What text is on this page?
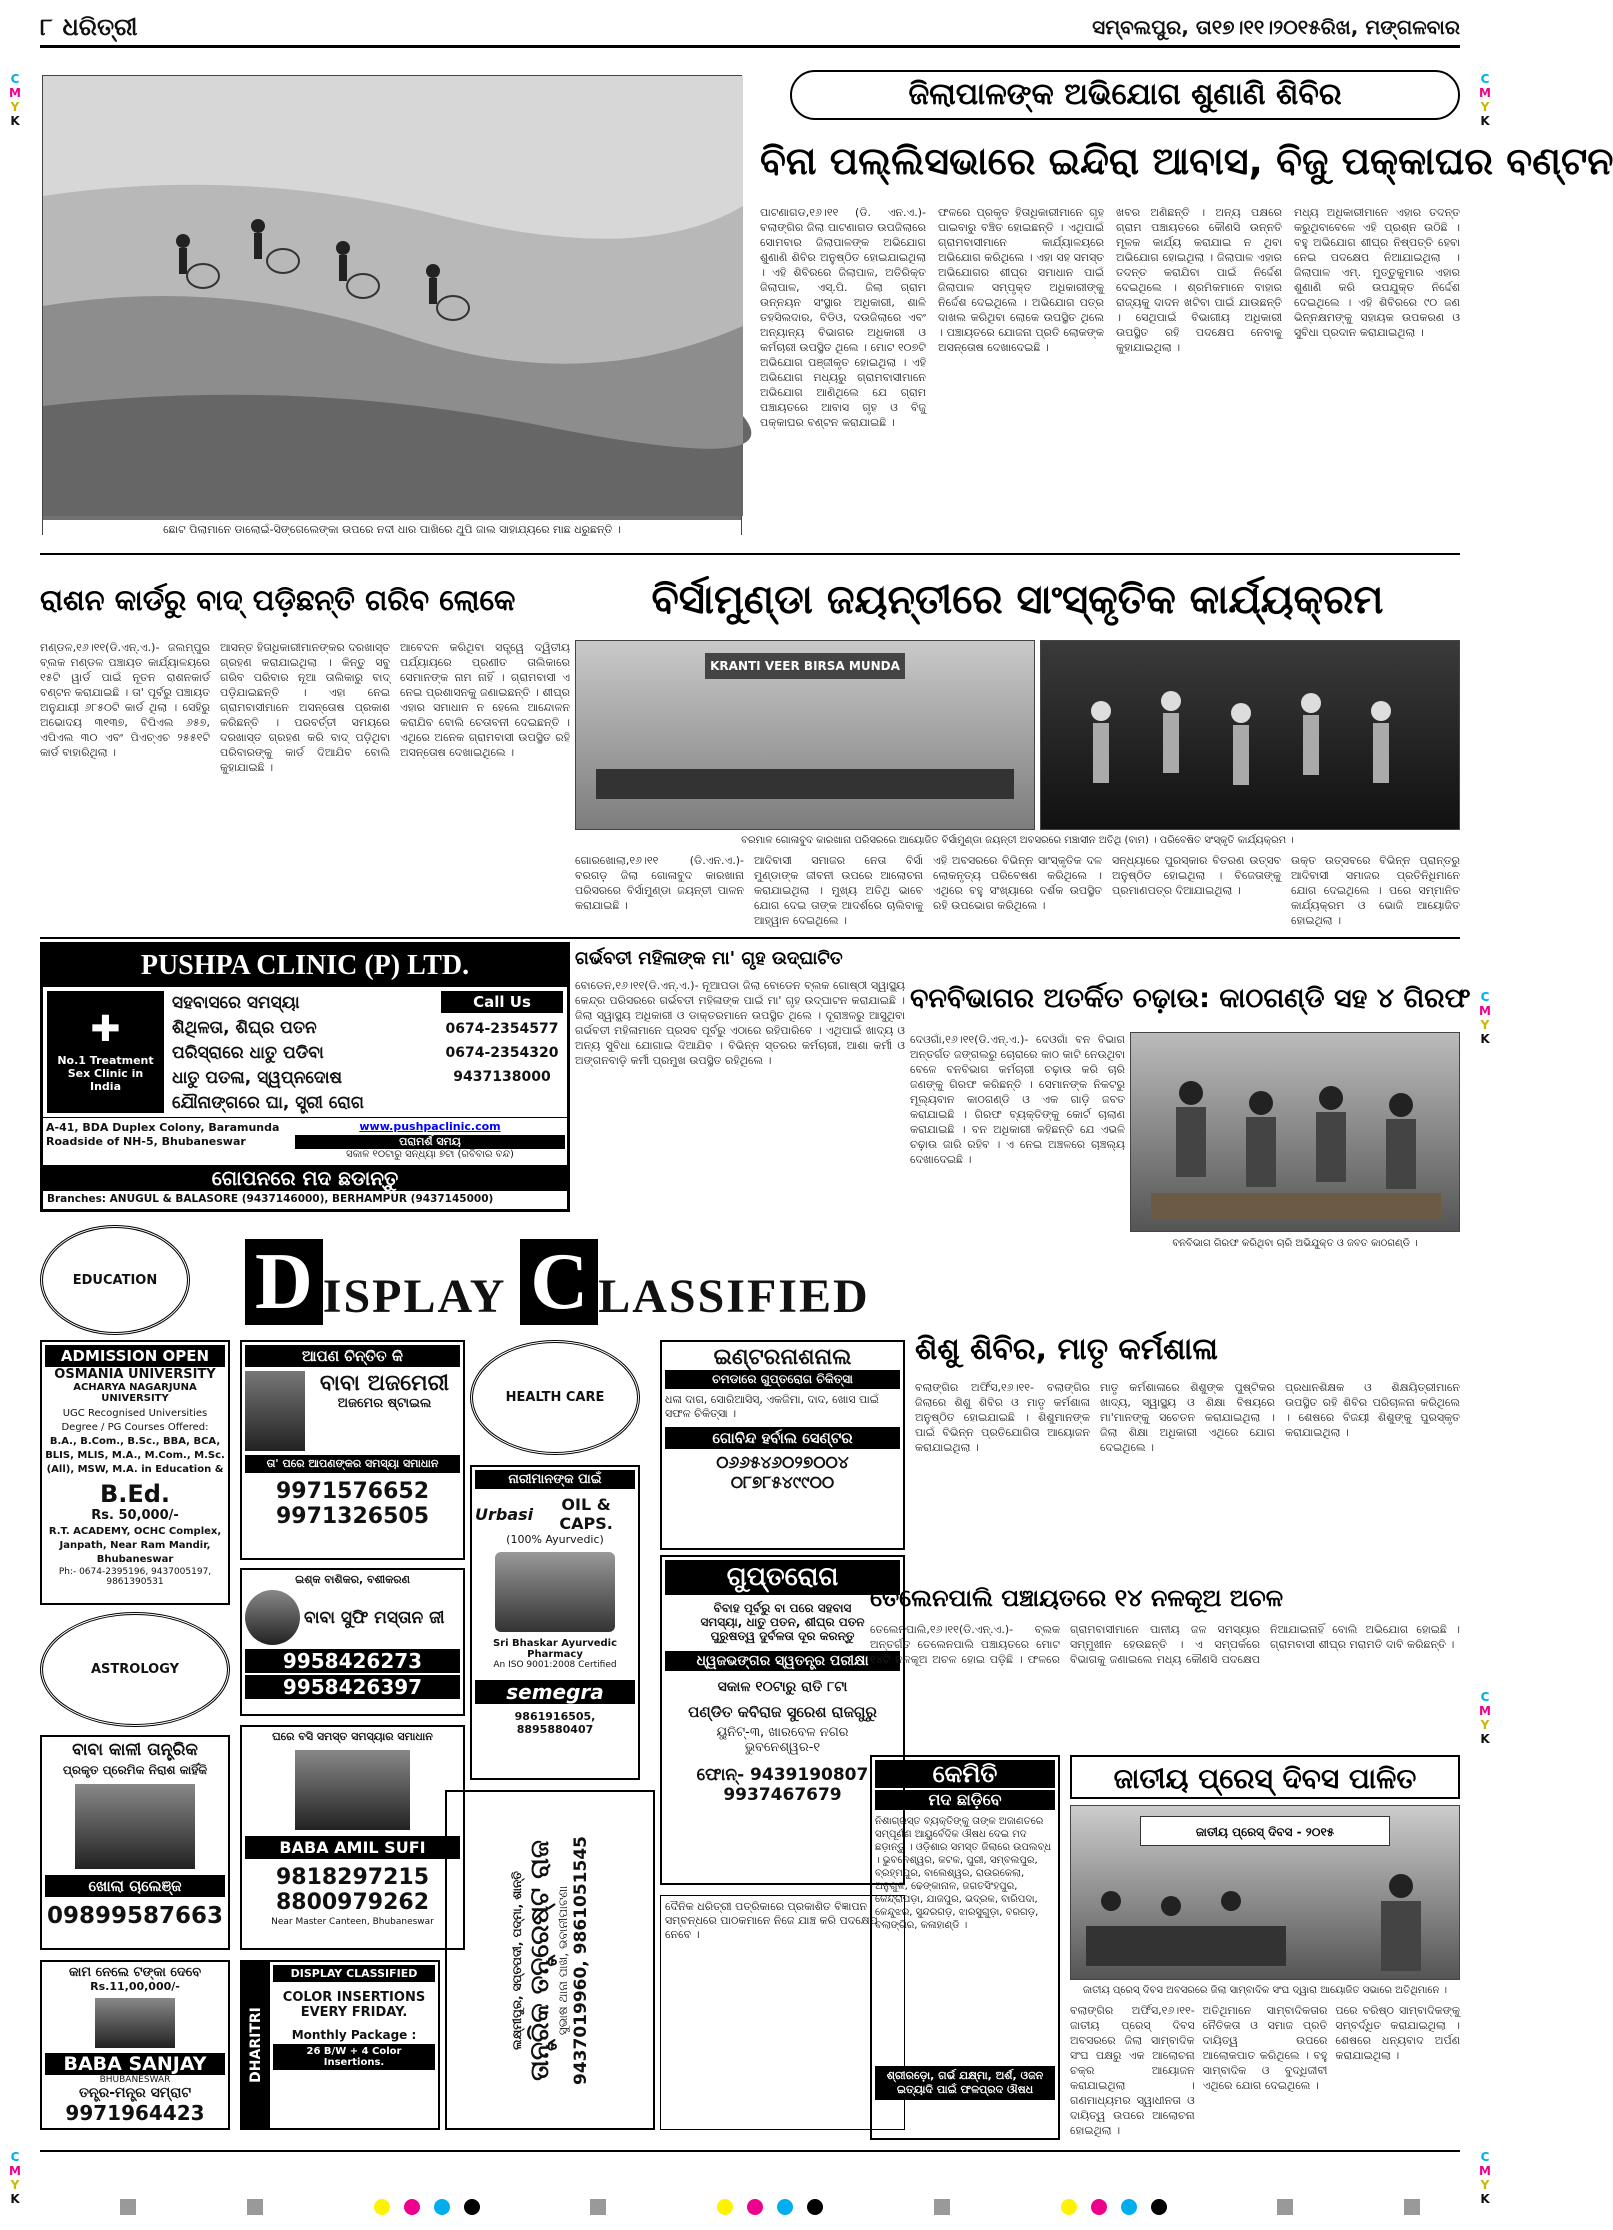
୮ ଧରିତ୍ରୀ	ସମ୍ବଲପୁର, ତା୧୭।୧୧।୨୦୧୫ରିଖ, ମଙ୍ଗଳବାର
C
M
Y
K
C
M
Y
K
C
M
Y
K
C
M
Y
K
C
M
Y
K
C
M
Y
K
ଛୋଟ ପିଲାମାନେ ଡାଲୋଇଁ-ସିଙ୍ଗେଲେଙ୍କା ଉପରେ ନଦୀ ଧାର ପାଖିରେ ଥୁପି ଜାଲ ସାହାଯ୍ୟରେ ମାଛ ଧରୁଛନ୍ତି ।
ଜିଲାପାଳଙ୍କ ଅଭିଯୋଗ ଶୁଣାଣି ଶିବିର
ବିନା ପଲ୍ଲିସଭାରେ ଇନ୍ଦିରା ଆବାସ, ବିଜୁ ପକ୍କାଘର ବଣ୍ଟନ
ପାଟଣାଗଡ,୧୬।୧୧ (ଡି. ଏନ.ଏ.)- ବଲାଙ୍ଗିର ଜିଲା ପାଟଣାଗଡ ଉପଜିଲାରେ ସୋମବାର ଜିଲାପାଳଙ୍କ ଅଭିଯୋଗ ଶୁଣାଣି ଶିବିର ଅନୁଷ୍ଠିତ ହୋଇଯାଇଥିଲା । ଏହି ଶିବିରରେ ଜିଲାପାଳ, ଅତିରିକ୍ତ ଜିଲାପାଳ, ଏସ୍.ପି. ଜିଲା ଗ୍ରାମ ଉନ୍ନୟନ ସଂସ୍ଥାର ଅଧିକାରୀ, ଶାଳି ତହସିଲଦାର, ବିଡିଓ, ଦଉଜିଲାରେ ଏବଂ ଅନ୍ୟାନ୍ୟ ବିଭାଗର ଅଧିକାରୀ ଓ କର୍ମଚାରୀ ଉପସ୍ଥିତ ଥିଲେ । ମୋଟ ୧୦୭ଟି ଅଭିଯୋଗ ପଞ୍ଜୀକୃତ ହୋଇଥିଲା । ଏହି ଅଭିଯୋଗ ମଧ୍ୟରୁ ଗ୍ରାମବାସୀମାନେ ଅଭିଯୋଗ ଆଣିଥିଲେ ଯେ ଗ୍ରାମ ପଞ୍ଚାୟତରେ ଆବାସ ଗୃହ ଓ ବିଜୁ ପକ୍କାଘର ବଣ୍ଟନ କରାଯାଇଛି ।
ଫଳରେ ପ୍ରକୃତ ହିତାଧିକାରୀମାନେ ଗୃହ ପାଇବାରୁ ବଞ୍ଚିତ ହୋଇଛନ୍ତି । ଏଥିପାଇଁ ଗ୍ରାମବାସୀମାନେ କାର୍ଯ୍ୟାଳୟରେ ଅଭିଯୋଗ କରିଥିଲେ । ଏହା ସହ ସମସ୍ତ ଅଭିଯୋଗର ଶୀଘ୍ର ସମାଧାନ ପାଇଁ ଜିଲାପାଳ ସମ୍ପୃକ୍ତ ଅଧିକାରୀଙ୍କୁ ନିର୍ଦ୍ଦେଶ ଦେଇଥିଲେ । ଅଭିଯୋଗ ପତ୍ର ଦାଖଲ କରିଥିବା ଲୋକେ ଉପସ୍ଥିତ ଥିଲେ । ପଞ୍ଚାୟତରେ ଯୋଜନା ପ୍ରତି ଲୋକଙ୍କ ଅସନ୍ତୋଷ ଦେଖାଦେଇଛି ।
ଖବର ଅଣିଛନ୍ତି । ଅନ୍ୟ ପକ୍ଷରେ ଗ୍ରାମ ପଞ୍ଚାୟତରେ କୌଣସି ଉନ୍ନତି ମୂଳକ କାର୍ଯ୍ୟ କରାଯାଇ ନ ଥିବା ଅଭିଯୋଗ ହୋଇଥିଲା । ଜିଲାପାଳ ଏହାର ତଦନ୍ତ କରାଯିବା ପାଇଁ ନିର୍ଦ୍ଦେଶ ଦେଇଥିଲେ । ଶ୍ରମିକମାନେ ବାହାର ରାଜ୍ୟକୁ ଦାଦନ ଖଟିବା ପାଇଁ ଯାଉଛନ୍ତି । ସେଥିପାଇଁ ବିଭାଗୀୟ ଅଧିକାରୀ ଉପସ୍ଥିତ ରହି ପଦକ୍ଷେପ ନେବାକୁ କୁହାଯାଇଥିଲା ।
ମଧ୍ୟ ଅଧିକାରୀମାନେ ଏହାର ତଦନ୍ତ କରୁଥିବାବେଳେ ଏହି ପ୍ରଶ୍ନ ଉଠିଛି । ବହୁ ଅଭିଯୋଗ ଶୀଘ୍ର ନିଷ୍ପତ୍ତି ହେବା ନେଇ ପଦକ୍ଷେପ ନିଆଯାଇଥିଲା । ଜିଲାପାଳ ଏମ୍. ମୁତ୍ତୁକୁମାର ଏହାର ଶୁଣାଣି କରି ଉପଯୁକ୍ତ ନିର୍ଦ୍ଦେଶ ଦେଇଥିଲେ । ଏହି ଶିବିରରେ ୯୦ ଜଣ ଭିନ୍ନକ୍ଷମଙ୍କୁ ସହାୟକ ଉପକରଣ ଓ ସୁବିଧା ପ୍ରଦାନ କରାଯାଇଥିଲା ।
ରାଶନ କାର୍ଡରୁ ବାଦ୍ ପଡ଼ିଛନ୍ତି ଗରିବ ଲୋକେ
ମଣ୍ଡଳ,୧୬।୧୧(ଡି.ଏନ୍.ଏ.)- ଜଲମ୍ପୁର ବ୍ଲକ ମଣ୍ଡଳ ପଞ୍ଚାୟତ କାର୍ଯ୍ୟାଳୟରେ ୧୫ଟି ୱାର୍ଡ ପାଇଁ ନୂତନ ରାଶନକାର୍ଡ ବଣ୍ଟନ କରାଯାଇଛି । ତା' ପୂର୍ବରୁ ପଞ୍ଚାୟତ ଅନୁଯାୟୀ ୬୮୫୦ଟି କାର୍ଡ ଥିଲା । ସେହିରୁ ଅଭୋଦୟ ୩୧୩୭, ବିପିଏଲ ୬୫୭, ଏପିଏଲ ୩୦ ଏବଂ ପିଏଚ୍ଏଚ ୨୫୫୧ଟି କାର୍ଡ ବାହାରିଥିଲା ।
ଆସନ୍ତ ହିତାଧିକାରୀମାନଙ୍କର ଦରଖାସ୍ତ ଗ୍ରହଣ କରାଯାଇଥିଲା । କିନ୍ତୁ ସବୁ ଗରିବ ପରିବାର ନୂଆ ତାଲିକାରୁ ବାଦ୍ ପଡ଼ିଯାଇଛନ୍ତି । ଏହା ନେଇ ଗ୍ରାମବାସୀମାନେ ଅସନ୍ତୋଷ ପ୍ରକାଶ କରିଛନ୍ତି । ପରବର୍ତ୍ତୀ ସମୟରେ ଦରଖାସ୍ତ ଗ୍ରହଣ କରି ବାଦ୍ ପଡ଼ିଥିବା ପରିବାରଙ୍କୁ କାର୍ଡ ଦିଆଯିବ ବୋଲି କୁହାଯାଇଛି ।
ଆବେଦନ କରିଥିବା ସତ୍ତ୍ୱେ ଦ୍ୱିତୀୟ ପର୍ଯ୍ୟାୟରେ ପ୍ରଣୀତ ତାଲିକାରେ ସେମାନଙ୍କ ନାମ ନାହିଁ । ଗ୍ରାମବାସୀ ଏ ନେଇ ପ୍ରଶାସନକୁ ଜଣାଇଛନ୍ତି । ଶୀଘ୍ର ଏହାର ସମାଧାନ ନ ହେଲେ ଆନ୍ଦୋଳନ କରାଯିବ ବୋଲି ଚେତାବନୀ ଦେଇଛନ୍ତି । ଏଥିରେ ଅନେକ ଗ୍ରାମବାସୀ ଉପସ୍ଥିତ ରହି ଅସନ୍ତୋଷ ଦେଖାଇଥିଲେ ।
ବିର୍ସାମୁଣ୍ଡା ଜୟନ୍ତୀରେ ସାଂସ୍କୃତିକ କାର୍ଯ୍ୟକ୍ରମ
KRANTI VEER BIRSA MUNDA
ବରମାଳ ଗୋଳାବୁଦ କାରଖାନା ପରିସରରେ ଆୟୋଜିତ ବିର୍ସାମୁଣ୍ଡା ଜୟନ୍ତୀ ଅବସରରେ ମଞ୍ଚାସୀନ ଅତିଥି (ବାମ) । ପରିବେଷିତ ସଂସ୍କୃତି କାର୍ଯ୍ୟକ୍ରମ ।
ଗୋରଖୋଲା,୧୬।୧୧ (ଡି.ଏନ.ଏ.)- ବରଗଡ଼ ଜିଲା ଗୋଳାବୁଦ କାରଖାନା ପରିସରରେ ବିର୍ସାମୁଣ୍ଡା ଜୟନ୍ତୀ ପାଳନ କରାଯାଇଛି ।
ଆଦିବାସୀ ସମାଜର ନେତା ବିର୍ସା ମୁଣ୍ଡାଙ୍କ ଜୀବନୀ ଉପରେ ଆଲୋଚନା କରାଯାଇଥିଲା । ମୁଖ୍ୟ ଅତିଥି ଭାବେ ଯୋଗ ଦେଇ ତାଙ୍କ ଆଦର୍ଶରେ ଚାଲିବାକୁ ଆହ୍ୱାନ ଦେଇଥିଲେ ।
ଏହି ଅବସରରେ ବିଭିନ୍ନ ସାଂସ୍କୃତିକ ଦଳ ଲୋକନୃତ୍ୟ ପରିବେଷଣ କରିଥିଲେ । ଏଥିରେ ବହୁ ସଂଖ୍ୟାରେ ଦର୍ଶକ ଉପସ୍ଥିତ ରହି ଉପଭୋଗ କରିଥିଲେ ।
ସନ୍ଧ୍ୟାରେ ପୁରସ୍କାର ବିତରଣ ଉତ୍ସବ ଅନୁଷ୍ଠିତ ହୋଇଥିଲା । ବିଜେତାଙ୍କୁ ପ୍ରମାଣପତ୍ର ଦିଆଯାଇଥିଲା ।
ଉକ୍ତ ଉତ୍ସବରେ ବିଭିନ୍ନ ପ୍ରାନ୍ତରୁ ଆଦିବାସୀ ସମାଜର ପ୍ରତିନିଧିମାନେ ଯୋଗ ଦେଇଥିଲେ । ପରେ ସମ୍ମାନିତ କାର୍ଯ୍ୟକ୍ରମ ଓ ଭୋଜି ଆୟୋଜିତ ହୋଇଥିଲା ।
PUSHPA CLINIC (P) LTD.
✚
No.1 Treatment Sex Clinic in India
ସହବାସରେ ସମସ୍ୟା
ଶିଥିଳତା, ଶିଘ୍ର ପତନ
ପରିସ୍ରାରେ ଧାତୁ ପଡିବା
ଧାତୁ ପତଳା, ସ୍ୱପ୍ନଦୋଷ
ଯୌନାଙ୍ଗରେ ଘା, ସ୍ତ୍ରୀ ରୋଗ
Call Us
0674-2354577
0674-2354320
9437138000
A-41, BDA Duplex Colony, Baramunda Roadside of NH-5, Bhubaneswar
www.pushpaclinic.com
ପରାମର୍ଶ ସମୟ
ସକାଳ ୧୦ଟାରୁ ସନ୍ଧ୍ୟା ୭ଟା (ରବିବାର ବନ୍ଦ)
ଗୋପନରେ ମଦ ଛଡାନ୍ତୁ
Branches: ANUGUL & BALASORE (9437146000), BERHAMPUR (9437145000)
ଗର୍ଭବତୀ ମହିଳାଙ୍କ ମା' ଗୃହ ଉଦ୍‌ଘାଟିତ
ବୋଡେନ,୧୬।୧୧(ଡି.ଏନ୍.ଏ.)- ନୂଆପଡା ଜିଲା ବୋଡେନ ବ୍ଲକ ଗୋଷ୍ଠୀ ସ୍ୱାସ୍ଥ୍ୟ କେନ୍ଦ୍ର ପରିସରରେ ଗର୍ଭବତୀ ମହିଳାଙ୍କ ପାଇଁ ମା' ଗୃହ ଉଦ୍‌ଘାଟନ କରାଯାଇଛି । ଜିଲା ସ୍ୱାସ୍ଥ୍ୟ ଅଧିକାରୀ ଓ ଡାକ୍ତରମାନେ ଉପସ୍ଥିତ ଥିଲେ । ଦୂରାଞ୍ଚଳରୁ ଆସୁଥିବା ଗର୍ଭବତୀ ମହିଳାମାନେ ପ୍ରସବ ପୂର୍ବରୁ ଏଠାରେ ରହିପାରିବେ । ଏଥିପାଇଁ ଖାଦ୍ୟ ଓ ଅନ୍ୟ ସୁବିଧା ଯୋଗାଇ ଦିଆଯିବ । ବିଭିନ୍ନ ସ୍ତରର କର୍ମଚାରୀ, ଆଶା କର୍ମୀ ଓ ଅଙ୍ଗନବାଡ଼ି କର୍ମୀ ପ୍ରମୁଖ ଉପସ୍ଥିତ ରହିଥିଲେ ।
ବନବିଭାଗର ଅତର୍କିତ ଚଢ଼ାଉ: କାଠଗଣ୍ଡି ସହ ୪ ଗିରଫ
ଦେଓଗାଁ,୧୬।୧୧(ଡି.ଏନ୍.ଏ.)- ଦେଓଗାଁ ବନ ବିଭାଗ ଅନ୍ତର୍ଗତ ଜଙ୍ଗଲରୁ ଚୋରାରେ କାଠ କାଟି ନେଉଥିବା ବେଳେ ବନବିଭାଗ କର୍ମଚାରୀ ଚଢ଼ାଉ କରି ଚାରି ଜଣଙ୍କୁ ଗିରଫ କରିଛନ୍ତି । ସେମାନଙ୍କ ନିକଟରୁ ମୂଲ୍ୟବାନ କାଠଗଣ୍ଡି ଓ ଏକ ଗାଡ଼ି ଜବତ କରାଯାଇଛି । ଗିରଫ ବ୍ୟକ୍ତିଙ୍କୁ କୋର୍ଟ ଚାଲାଣ କରାଯାଇଛି । ବନ ଅଧିକାରୀ କହିଛନ୍ତି ଯେ ଏଭଳି ଚଢ଼ାଉ ଜାରି ରହିବ । ଏ ନେଇ ଅଞ୍ଚଳରେ ଚାଞ୍ଚଲ୍ୟ ଦେଖାଦେଇଛି ।
ବନବିଭାଗ ଗିରଫ କରିଥିବା ଚାରି ଅଭିଯୁକ୍ତ ଓ ଜବତ କାଠଗଣ୍ଡି ।
EDUCATION D ISPLAY C LASSIFIED
ADMISSION OPEN
OSMANIA UNIVERSITY
ACHARYA NAGARJUNA UNIVERSITY
UGC Recognised Universities Degree / PG Courses Offered:
B.A., B.Com., B.Sc., BBA, BCA, BLIS, MLIS, M.A., M.Com., M.Sc. (All), MSW, M.A. in Education &
B.Ed.
Rs. 50,000/-
R.T. ACADEMY, OCHC Complex, Janpath, Near Ram Mandir, Bhubaneswar
Ph:- 0674-2395196, 9437005197, 9861390531
ଆପଣ ଚିନ୍ତିତ କି
ବାବା ଅଜମେରୀ
ଅଜମେର ଷ୍ଟାଇଲ
ତା' ପରେ ଆପଣଙ୍କର ସମସ୍ୟା ସମାଧାନ
9971576652
9971326505
HEALTH CARE
ଇଣ୍ଟରନାଶନାଲ
ଚମଡାରେ ଗୁପ୍ତରୋଗ ଚିକିତ୍ସା
ଧଳା ଦାଗ, ସୋରିଆସିସ୍, ଏକଜିମା, ଦାଦ, ଖୋସ ପାଇଁ ସଫଳ ଚିକିତ୍ସା ।
ଗୋବିନ୍ଦ ହର୍ବାଲ ସେଣ୍ଟର
୦୬୬୫୪୬୦୨୭୦୦୪
୦୮୭୮୫୪୯୯୦୦
ନାରୀମାନଙ୍କ ପାଇଁ
Urbasi	OIL & CAPS.
(100% Ayurvedic)
Sri Bhaskar Ayurvedic Pharmacy
An ISO 9001:2008 Certified
semegra
9861916505, 8895880407
ଇଶ୍କ ବାଶିକର, ବଶୀକରଣ
ବାବା ସୁଫି ମସ୍ତାନ ଜୀ
9958426273
9958426397
ASTROLOGY
ଗୁପ୍ତରୋଗ
ବିବାହ ପୂର୍ବରୁ ବା ପରେ ସହବାସ
ସମସ୍ୟା, ଧାତୁ ପତନ, ଶୀଘ୍ର ପତନ
ପୁରୁଷତ୍ୱ ଦୁର୍ବଳତା ଦୂର କରନ୍ତୁ
ଧ୍ୱଜଭଙ୍ଗର ସ୍ୱତନ୍ତ୍ର ପରୀକ୍ଷା
ସକାଳ ୧୦ଟାରୁ ରାତି ୮ଟା
ପଣ୍ଡିତ କବିରାଜ ସୁରେଶ ରାଜଗୁରୁ
ୟୁନିଟ୍-୩, ଖାରବେଳ ନଗର
ଭୁବନେଶ୍ୱର-୧
ଫୋନ୍- 9439190807
9937467679
ବାବା କାଳୀ ତାନ୍ତ୍ରିକ
ପ୍ରକୃତ ପ୍ରେମିକ ନିରାଶ କାହିଁକି
ଖୋଲା ଚାଲେଞ୍ଜ
09899587663
ଘରେ ବସି ସମସ୍ତ ସମସ୍ୟାର ସମାଧାନ
BABA AMIL SUFI
9818297215
8800979262
Near Master Canteen, Bhubaneswar
କାମ ନେଲେ ଟଙ୍କା ଦେବେ
Rs.11,00,000/-
BABA SANJAY
BHUBANESWAR
ତନ୍ତ୍ର-ମନ୍ତ୍ର ସମ୍ରାଟ
9971964423
ଲକ୍ଷ୍ମୀପୁର, ସପ୍ତପଦୀ, ପଦ୍ମା, ଶାନ୍ତି ତାନ୍ତ୍ରିକ ତନ୍ତ୍ରେଷ୍ଟ ରାଜ ସୁଭାଷ ଥାନା ପାଖ, ଭବାନୀପାଟଣା 9437019960, 9861051545
DHARITRI
DISPLAY CLASSIFIED
COLOR INSERTIONS
EVERY FRIDAY.
Monthly Package :
26 B/W + 4 Color Insertions.
ଦୈନିକ ଧରିତ୍ରୀ ପତ୍ରିକାରେ ପ୍ରକାଶିତ ବିଜ୍ଞାପନ ସମ୍ବନ୍ଧରେ ପାଠକମାନେ ନିଜେ ଯାଞ୍ଚ କରି ପଦକ୍ଷେପ ନେବେ ।
ଶିଶୁ ଶିବିର, ମାତୃ କର୍ମଶାଳା
ବଲାଙ୍ଗିର ଅର୍ଫିସ,୧୬।୧୧- ବଲାଙ୍ଗିର ଜିଲାରେ ଶିଶୁ ଶିବିର ଓ ମାତୃ କର୍ମଶାଳା ଅନୁଷ୍ଠିତ ହୋଇଯାଇଛି । ଶିଶୁମାନଙ୍କ ପାଇଁ ବିଭିନ୍ନ ପ୍ରତିଯୋଗିତା ଆୟୋଜନ କରାଯାଇଥିଲା ।
ମାତୃ କର୍ମଶାଳାରେ ଶିଶୁଙ୍କ ପୁଷ୍ଟିକର ଖାଦ୍ୟ, ସ୍ୱାସ୍ଥ୍ୟ ଓ ଶିକ୍ଷା ବିଷୟରେ ମା'ମାନଙ୍କୁ ସଚେତନ କରାଯାଇଥିଲା । ଜିଲା ଶିକ୍ଷା ଅଧିକାରୀ ଏଥିରେ ଯୋଗ ଦେଇଥିଲେ ।
ପ୍ରଧାନଶିକ୍ଷକ ଓ ଶିକ୍ଷୟିତ୍ରୀମାନେ ଉପସ୍ଥିତ ରହି ଶିବିର ପରିଚାଳନା କରିଥିଲେ । ଶେଷରେ ବିଜୟୀ ଶିଶୁଙ୍କୁ ପୁରସ୍କୃତ କରାଯାଇଥିଲା ।
ତେଲେନପାଲି ପଞ୍ଚାୟତରେ ୧୪ ନଳକୂଅ ଅଚଳ
ତେଲେନପାଲି,୧୬।୧୧(ଡି.ଏନ୍.ଏ.)- ବ୍ଲକ ଅନ୍ତର୍ଗତ ତେଲେନପାଲି ପଞ୍ଚାୟତରେ ମୋଟ ୧୪ଟି ନଳକୂଅ ଅଚଳ ହୋଇ ପଡ଼ିଛି । ଫଳରେ ଗ୍ରାମବାସୀମାନେ ପାନୀୟ ଜଳ ସମସ୍ୟାର ସମ୍ମୁଖୀନ ହେଉଛନ୍ତି । ଏ ସମ୍ପର୍କରେ ବିଭାଗକୁ ଜଣାଇଲେ ମଧ୍ୟ କୌଣସି ପଦକ୍ଷେପ ନିଆଯାଇନାହିଁ ବୋଲି ଅଭିଯୋଗ ହୋଇଛି । ଗ୍ରାମବାସୀ ଶୀଘ୍ର ମରାମତି ଦାବି କରିଛନ୍ତି ।
କେମିତି
ମଦ ଛାଡ଼ିବେ
ନିଶାଗ୍ରସ୍ତ ବ୍ୟକ୍ତିଙ୍କୁ ତାଙ୍କ ଅଜାଣତରେ ସମ୍ପୂର୍ଣ୍ଣ ଆୟୁର୍ବେଦିକ ଔଷଧ ଦେଇ ମଦ ଛଡ଼ାନ୍ତୁ । ଓଡ଼ିଶାର ସମସ୍ତ ଜିଲାରେ ଉପଲବ୍ଧ । ଭୁବନେଶ୍ୱର, କଟକ, ପୁରୀ, ସମ୍ବଲପୁର, ବ୍ରହ୍ମପୁର, ବାଲେଶ୍ୱର, ରାଉରକେଲା, ଅନୁଗୁଳ, ଢେଙ୍କାନାଳ, ଜଗତସିଂହପୁର, କେନ୍ଦ୍ରାପଡ଼ା, ଯାଜପୁର, ଭଦ୍ରକ, ବାରିପଦା, କେନ୍ଦୁଝର, ସୁନ୍ଦରଗଡ଼, ଝାରସୁଗୁଡ଼ା, ବରଗଡ଼, ବଲାଙ୍ଗିର, କଳାହାଣ୍ଡି ।
ଶ୍ରୀରଡ଼ୋ, ଗର୍ଭ ଯକ୍ଷ୍ମା, ଅର୍ଶ, ଓଜନ ଇତ୍ୟାଦି ପାଇଁ ଫଳପ୍ରଦ ଔଷଧ
ଜାତୀୟ ପ୍ରେସ୍ ଦିବସ ପାଳିତ
ଜାତୀୟ ପ୍ରେସ୍ ଦିବସ - ୨୦୧୫
ଜାତୀୟ ପ୍ରେସ୍ ଦିବସ ଅବସରରେ ଜିଲା ସାମ୍ବାଦିକ ସଂଘ ଦ୍ୱାରା ଆୟୋଜିତ ସଭାରେ ଅତିଥିମାନେ ।
ବଲାଙ୍ଗିର ଅର୍ଫିସ,୧୬।୧୧- ଜାତୀୟ ପ୍ରେସ୍ ଦିବସ ଅବସରରେ ଜିଲା ସାମ୍ବାଦିକ ସଂଘ ପକ୍ଷରୁ ଏକ ଆଲୋଚନା ଚକ୍ର ଆୟୋଜନ କରାଯାଇଥିଲା । ଗଣମାଧ୍ୟମର ସ୍ୱାଧୀନତା ଓ ଦାୟିତ୍ୱ ଉପରେ ଆଲୋଚନା ହୋଇଥିଲା ।
ଅତିଥିମାନେ ସାମ୍ବାଦିକତାର ନୈତିକତା ଓ ସମାଜ ପ୍ରତି ଦାୟିତ୍ୱ ଉପରେ ଆଲୋକପାତ କରିଥିଲେ । ବହୁ ସାମ୍ବାଦିକ ଓ ବୁଦ୍ଧିଜୀବୀ ଏଥିରେ ଯୋଗ ଦେଇଥିଲେ ।
ପରେ ବରିଷ୍ଠ ସାମ୍ବାଦିକଙ୍କୁ ସମ୍ବର୍ଦ୍ଧିତ କରାଯାଇଥିଲା । ଶେଷରେ ଧନ୍ୟବାଦ ଅର୍ପଣ କରାଯାଇଥିଲା ।
